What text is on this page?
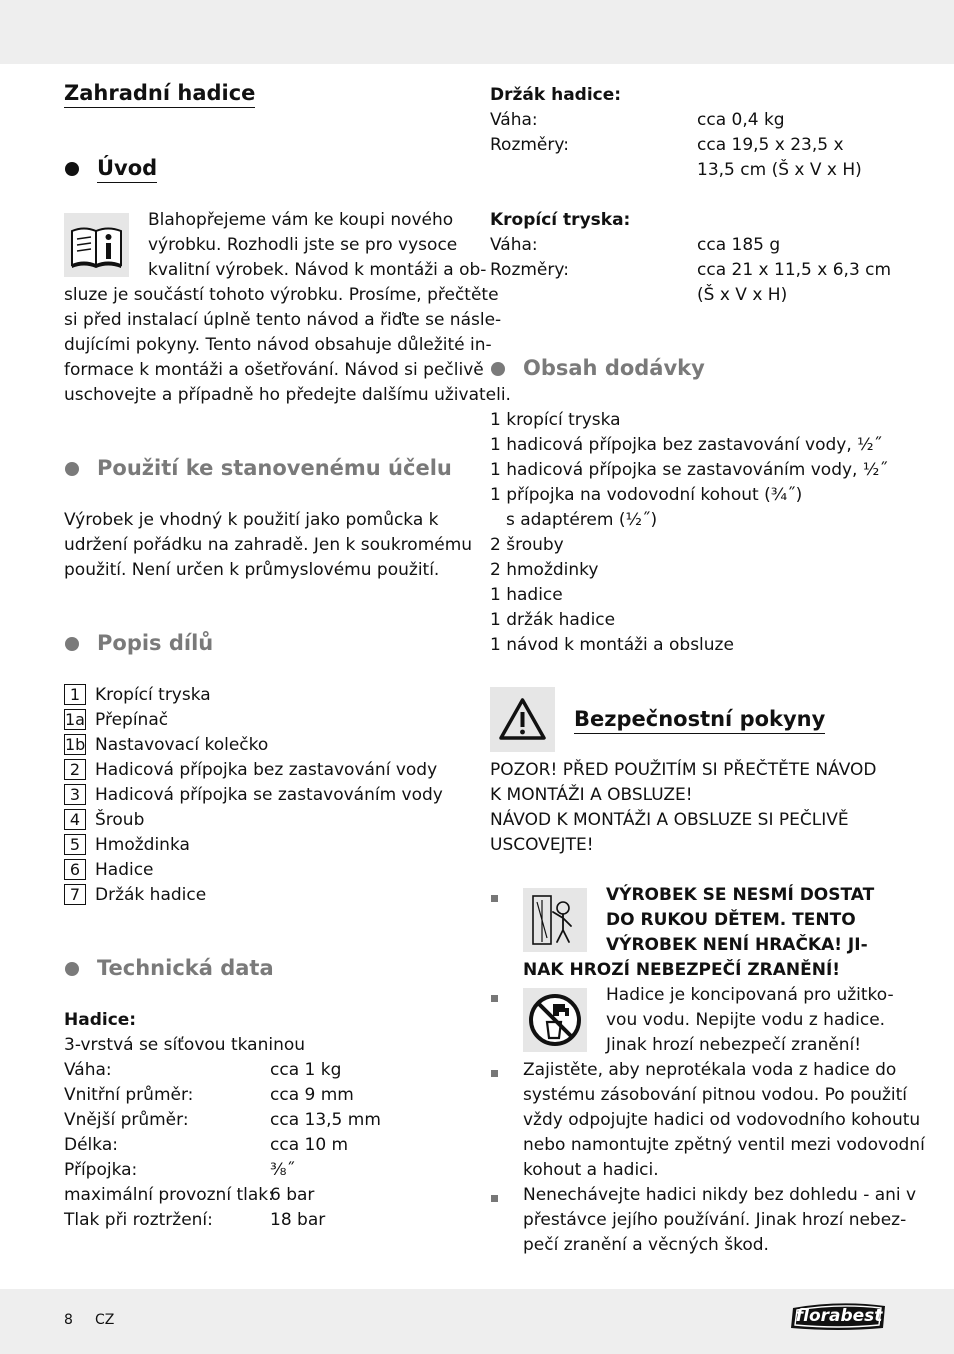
Zahradní hadice
Úvod
Blahopřejeme vám ke koupi nového
výrobku. Rozhodli jste se pro vysoce
kvalitní výrobek. Návod k montáži a ob-
sluze je součástí tohoto výrobku. Prosíme, přečtěte
si před instalací úplně tento návod a řiďte se násle-
dujícími pokyny. Tento návod obsahuje důležité in-
formace k montáži a ošetřování. Návod si pečlivě
uschovejte a případně ho předejte dalšímu uživateli.
Použití ke stanovenému účelu
Výrobek je vhodný k použití jako pomůcka k
udržení pořádku na zahradě. Jen k soukromému
použití. Není určen k průmyslovému použití.
Popis dílů
1 Kropící tryska
1a Přepínač
1b Nastavovací kolečko
2 Hadicová přípojka bez zastavování vody
3 Hadicová přípojka se zastavováním vody
4 Šroub
5 Hmoždinka
6 Hadice
7 Držák hadice
Technická data
Hadice:
3-vrstvá se síťovou tkaninou
Váha:	cca 1 kg
Vnitřní průměr:	cca 9 mm
Vnější průměr:	cca 13,5 mm
Délka:	cca 10 m
Přípojka:	⅜˝
maximální provozní tlak:
6 bar
Tlak při roztržení:	18 bar
Držák hadice:
Váha:	cca 0,4 kg
Rozměry:	cca 19,5 x 23,5 x
13,5 cm (Š x V x H)
Kropící tryska:
Váha:	cca 185 g
Rozměry:	cca 21 x 11,5 x 6,3 cm
(Š x V x H)
Obsah dodávky
1 kropící tryska
1 hadicová přípojka bez zastavování vody, ½˝
1 hadicová přípojka se zastavováním vody, ½˝
1 přípojka na vodovodní kohout (¾˝)
s adaptérem (½˝)
2 šrouby
2 hmoždinky
1 hadice
1 držák hadice
1 návod k montáži a obsluze
Bezpečnostní pokyny
POZOR! PŘED POUŽITÍM SI PŘEČTĚTE NÁVOD
K MONTÁŽI A OBSLUZE!
NÁVOD K MONTÁŽI A OBSLUZE SI PEČLIVĚ
USCOVEJTE!
VÝROBEK SE NESMÍ DOSTAT
DO RUKOU DĚTEM. TENTO
VÝROBEK NENÍ HRAČKA! JI-
NAK HROZÍ NEBEZPEČÍ ZRANĚNÍ!
Hadice je koncipovaná pro užitko-
vou vodu. Nepijte vodu z hadice.
Jinak hrozí nebezpečí zranění!
Zajistěte, aby neprotékala voda z hadice do
systému zásobování pitnou vodou. Po použití
vždy odpojujte hadici od vodovodního kohoutu
nebo namontujte zpětný ventil mezi vodovodní
kohout a hadici.
Nenechávejte hadici nikdy bez dohledu - ani v
přestávce jejího používání. Jinak hrozí nebez-
pečí zranění a věcných škod.
8 CZ	florabest
